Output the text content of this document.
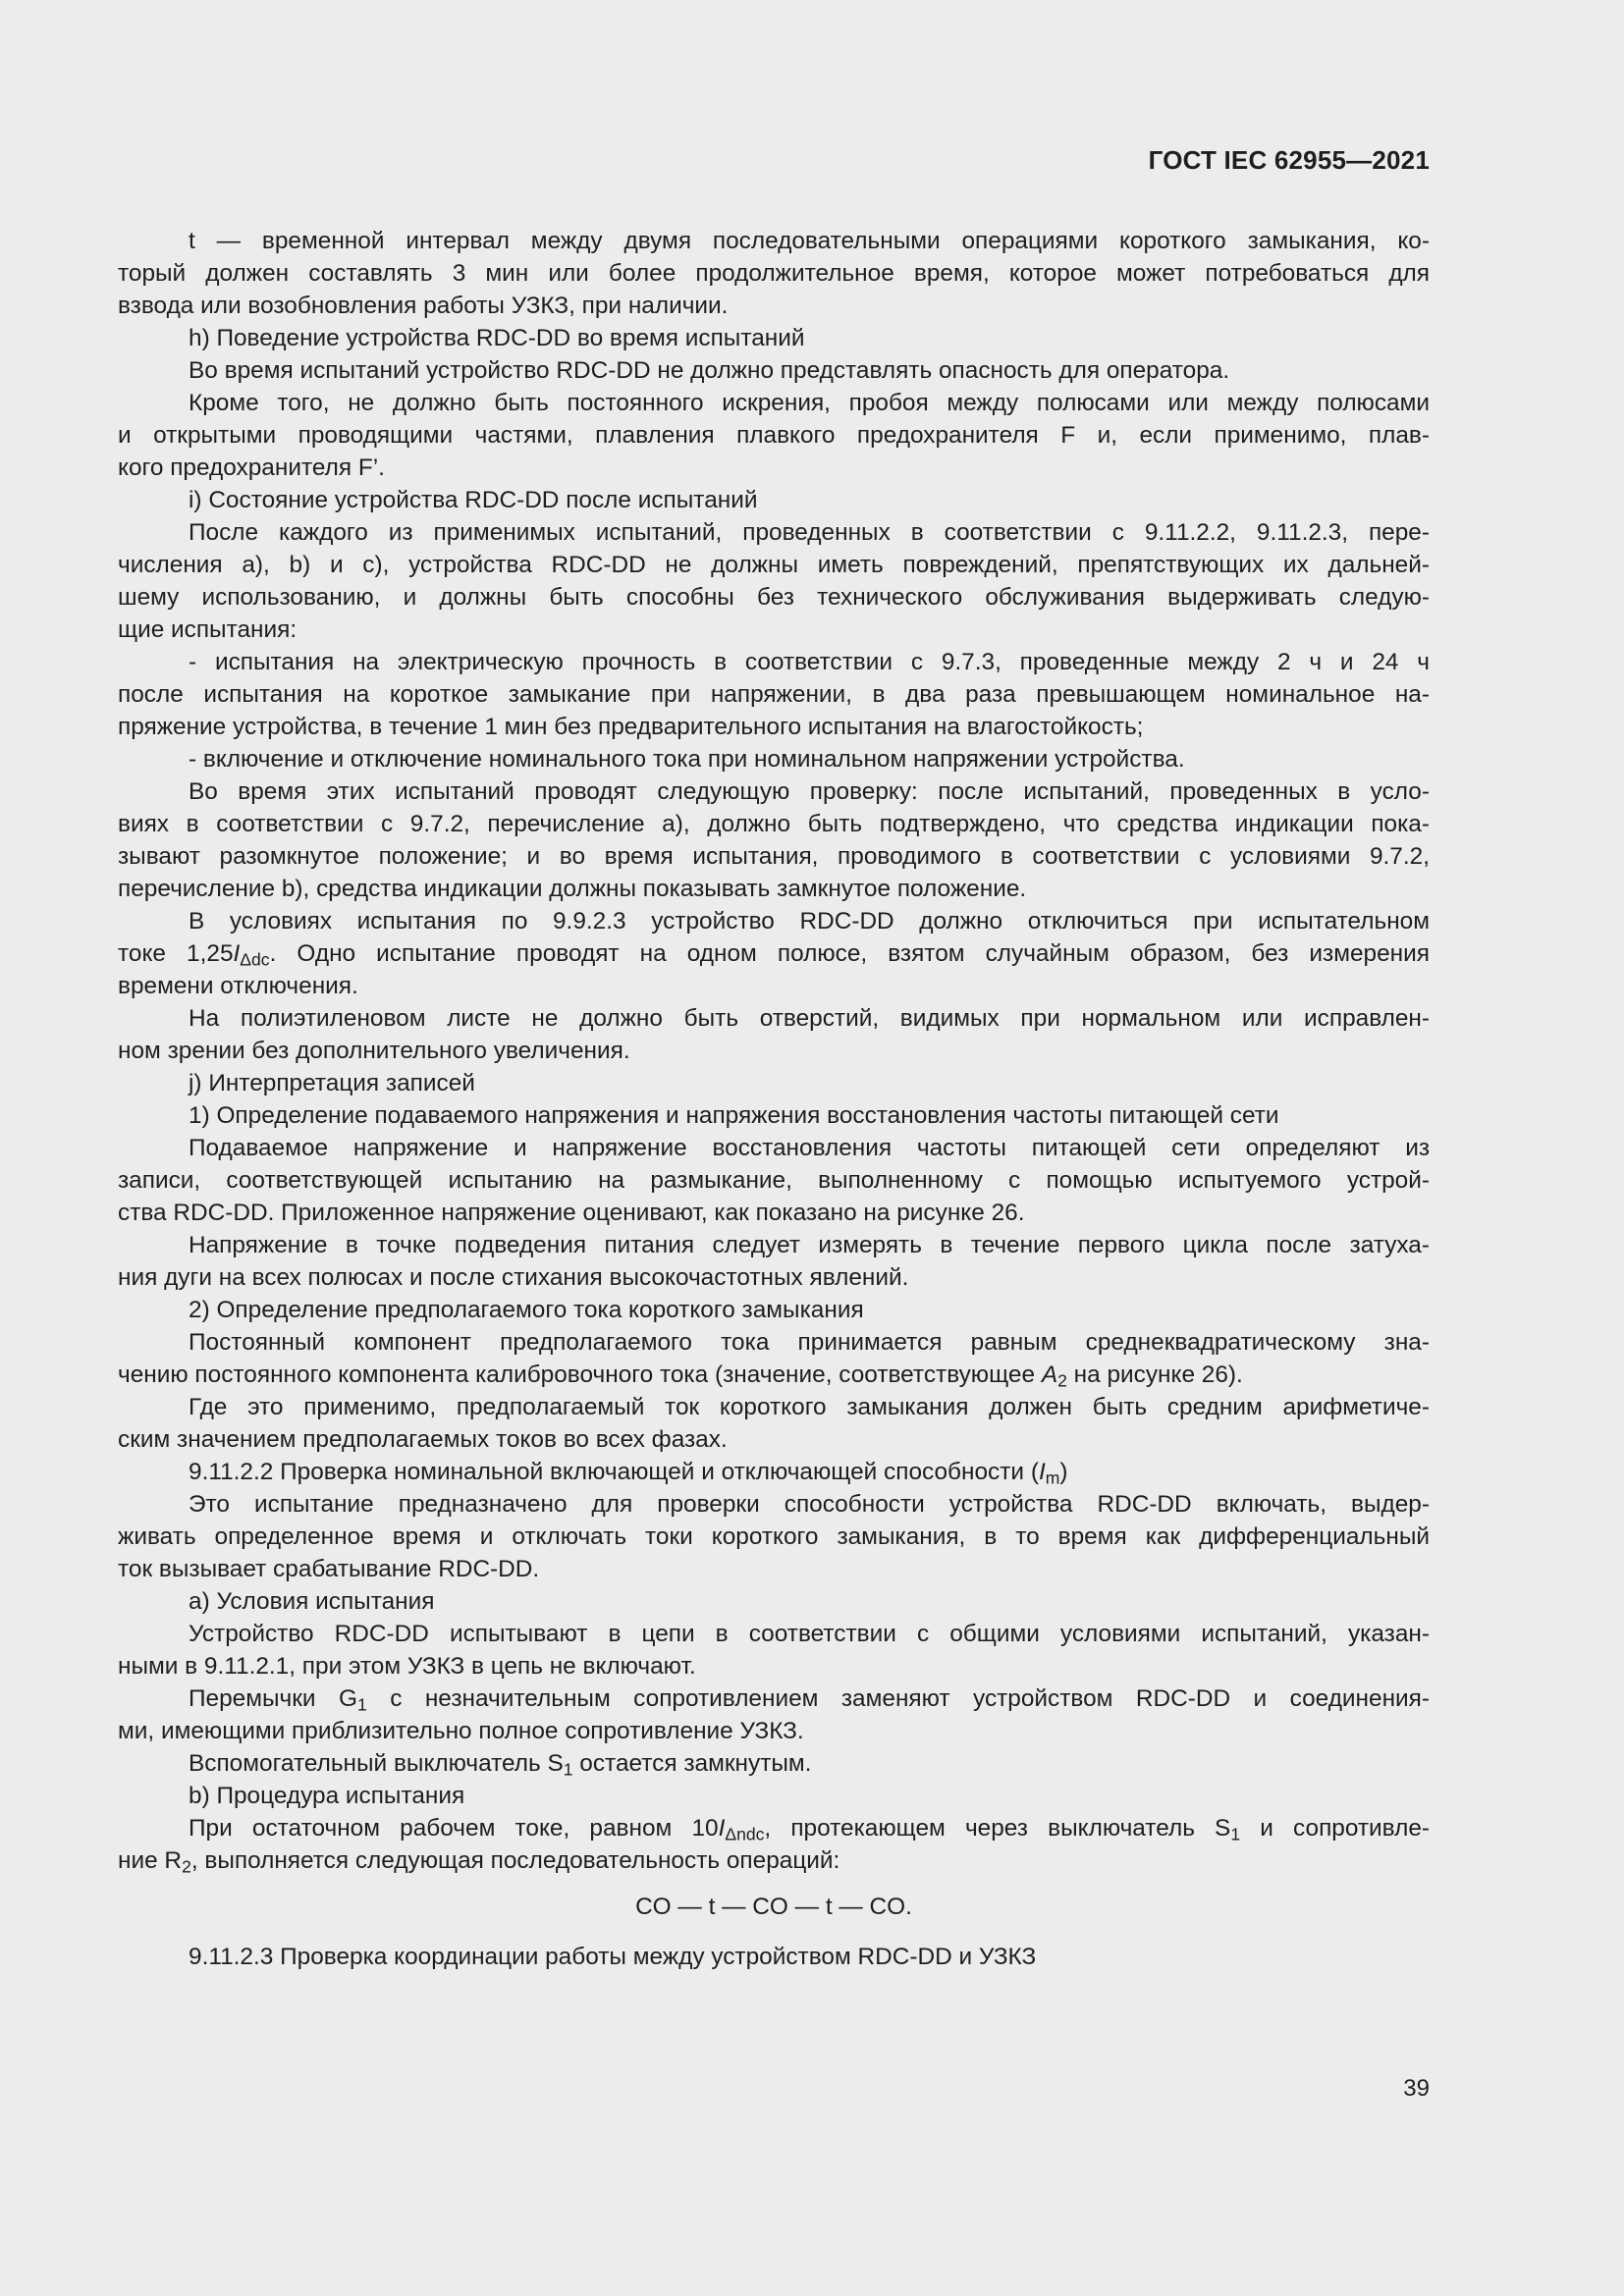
ГОСТ IEC 62955—2021

t — временной интервал между двумя последовательными операциями короткого замыкания, ко-

торый должен составлять 3 мин или более продолжительное время, которое может потребоваться для

взвода или возобновления работы УЗКЗ, при наличии.

h) Поведение устройства RDC-DD во время испытаний

Во время испытаний устройство RDC-DD не должно представлять опасность для оператора.

Кроме того, не должно быть постоянного искрения, пробоя между полюсами или между полюсами

и открытыми проводящими частями, плавления плавкого предохранителя F и, если применимо, плав-

кого предохранителя F’.

i) Состояние устройства RDC-DD после испытаний

После каждого из применимых испытаний, проведенных в соответствии с 9.11.2.2, 9.11.2.3, пере-

числения а), b) и с), устройства RDC-DD не должны иметь повреждений, препятствующих их дальней-

шему использованию, и должны быть способны без технического обслуживания выдерживать следую-

щие испытания:

- испытания на электрическую прочность в соответствии с 9.7.3, проведенные между 2 ч и 24 ч

после испытания на короткое замыкание при напряжении, в два раза превышающем номинальное на-

пряжение устройства, в течение 1 мин без предварительного испытания на влагостойкость;

- включение и отключение номинального тока при номинальном напряжении устройства.

Во время этих испытаний проводят следующую проверку: после испытаний, проведенных в усло-

виях в соответствии с 9.7.2, перечисление а), должно быть подтверждено, что средства индикации пока-

зывают разомкнутое положение; и во время испытания, проводимого в соответствии с условиями 9.7.2,

перечисление b), средства индикации должны показывать замкнутое положение.

В условиях испытания по 9.9.2.3 устройство RDC-DD должно отключиться при испытательном

токе $1,25I_{\Delta dc}$. Одно испытание проводят на одном полюсе, взятом случайным образом, без измерения

времени отключения.

На полиэтиленовом листе не должно быть отверстий, видимых при нормальном или исправлен-

ном зрении без дополнительного увеличения.

j) Интерпретация записей

1) Определение подаваемого напряжения и напряжения восстановления частоты питающей сети

Подаваемое напряжение и напряжение восстановления частоты питающей сети определяют из

записи, соответствующей испытанию на размыкание, выполненному с помощью испытуемого устрой-

ства RDC-DD. Приложенное напряжение оценивают, как показано на рисунке 26.

Напряжение в точке подведения питания следует измерять в течение первого цикла после затуха-

ния дуги на всех полюсах и после стихания высокочастотных явлений.

2) Определение предполагаемого тока короткого замыкания

Постоянный компонент предполагаемого тока принимается равным среднеквадратическому зна-

чению постоянного компонента калибровочного тока (значение, соответствующее $A_2$ на рисунке 26).

Где это применимо, предполагаемый ток короткого замыкания должен быть средним арифметиче-

ским значением предполагаемых токов во всех фазах.

9.11.2.2 Проверка номинальной включающей и отключающей способности $(I_m)$

Это испытание предназначено для проверки способности устройства RDC-DD включать, выдер-

живать определенное время и отключать токи короткого замыкания, в то время как дифференциальный

ток вызывает срабатывание RDC-DD.

а) Условия испытания

Устройство RDC-DD испытывают в цепи в соответствии с общими условиями испытаний, указан-

ными в 9.11.2.1, при этом УЗКЗ в цепь не включают.

Перемычки $G_1$ с незначительным сопротивлением заменяют устройством RDC-DD и соединения-

ми, имеющими приблизительно полное сопротивление УЗКЗ.

Вспомогательный выключатель $S_1$ остается замкнутым.

b) Процедура испытания

При остаточном рабочем токе, равном $10I_{\Delta ndc}$, протекающем через выключатель $S_1$ и сопротивле-

ние $R_2$, выполняется следующая последовательность операций:

CO — t — CO — t — CO.

9.11.2.3 Проверка координации работы между устройством RDC-DD и УЗКЗ

39
